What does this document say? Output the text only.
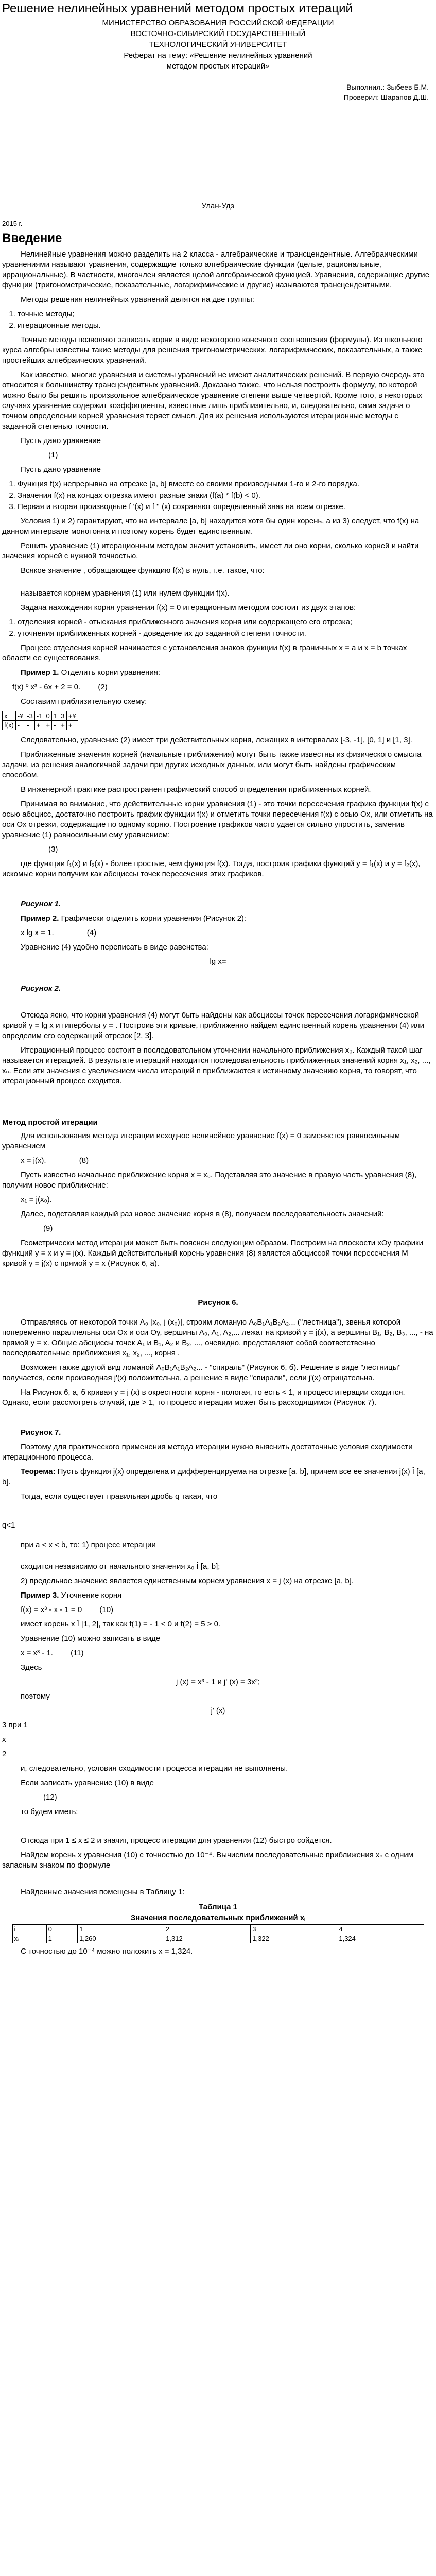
Решение нелинейных уравнений методом простых итераций

МИНИСТЕРСТВО ОБРАЗОВАНИЯ РОССИЙСКОЙ ФЕДЕРАЦИИ

ВОСТОЧНО-СИБИРСКИЙ ГОСУДАРСТВЕННЫЙ

ТЕХНОЛОГИЧЕСКИЙ УНИВЕРСИТЕТ

Реферат на тему: «Решение нелинейных уравнений

методом простых итераций»

Выполнил.: Зыбеев Б.М.

Проверил: Шарапов Д.Ш.

Улан-Удэ

2015 г.

Введение

Нелинейные уравнения можно разделить на 2 класса - алгебраические и трансцендентные. Алгебраическими уравнениями называют уравнения, содержащие только алгебраические функции (целые, рациональные, иррациональные). В частности, многочлен является целой алгебраической функцией. Уравнения, содержащие другие функции (тригонометрические, показательные, логарифмические и другие) называются трансцендентными.

Методы решения нелинейных уравнений делятся на две группы:

1. точные методы;
2. итерационные методы.

Точные методы позволяют записать корни в виде некоторого конечного соотношения (формулы). Из школьного курса алгебры известны такие методы для решения тригонометрических, логарифмических, показательных, а также простейших алгебраических уравнений.

Как известно, многие уравнения и системы уравнений не имеют аналитических решений. В первую очередь это относится к большинству трансцендентных уравнений. Доказано также, что нельзя построить формулу, по которой можно было бы решить произвольное алгебраическое уравнение степени выше четвертой. Кроме того, в некоторых случаях уравнение содержит коэффициенты, известные лишь приблизительно, и, следовательно, сама задача о точном определении корней уравнения теряет смысл. Для их решения используются итерационные методы с заданной степенью точности.

Пусть дано уравнение

(1)

Пусть дано уравнение

1. Функция f(x) непрерывна на отрезке [a, b] вместе со своими производными 1-го и 2-го порядка.
2. Значения f(x) на концах отрезка имеют разные знаки (f(a) * f(b) < 0).
3. Первая и вторая производные f '(x) и f '' (x) сохраняют определенный знак на всем отрезке.

Условия 1) и 2) гарантируют, что на интервале [a, b] находится хотя бы один корень, а из 3) следует, что f(x) на данном интервале монотонна и поэтому корень будет единственным.

Решить уравнение (1) итерационным методом значит установить, имеет ли оно корни, сколько корней и найти значения корней с нужной точностью.

Всякое значение , обращающее функцию f(x) в нуль, т.е. такое, что:

называется корнем уравнения (1) или нулем функции f(x).

Задача нахождения корня уравнения f(x) = 0 итерационным методом состоит из двух этапов:

1. отделения корней - отыскания приближенного значения корня или содержащего его отрезка;
2. уточнения приближенных корней - доведение их до заданной степени точности.

Процесс отделения корней начинается с установления знаков функции f(x) в граничных x = a и x = b точках области ее существования.

Пример 1. Отделить корни уравнения:

f(x) º x³ - 6x + 2 = 0. (2)

Составим приблизительную схему:

x	-¥	-3	-1	0	1	3	+¥
f(x)	-	-	+	+	-	+	+

Следовательно, уравнение (2) имеет три действительных корня, лежащих в интервалах [-3, -1], [0, 1] и [1, 3].

Приближенные значения корней (начальные приближения) могут быть также известны из физического смысла задачи, из решения аналогичной задачи при других исходных данных, или могут быть найдены графическим способом.

В инженерной практике распространен графический способ определения приближенных корней.

Принимая во внимание, что действительные корни уравнения (1) - это точки пересечения графика функции f(x) с осью абсцисс, достаточно построить график функции f(x) и отметить точки пересечения f(x) с осью Ох, или отметить на оси Ох отрезки, содержащие по одному корню. Построение графиков часто удается сильно упростить, заменив уравнение (1) равносильным ему уравнением:

(3)

где функции f₁(x) и f₂(x) - более простые, чем функция f(x). Тогда, построив графики функций y = f₁(x) и y = f₂(x), искомые корни получим как абсциссы точек пересечения этих графиков.

Рисунок 1.

Пример 2. Графически отделить корни уравнения (Рисунок 2):

x lg x = 1.	(4)

Уравнение (4) удобно переписать в виде равенства:

lg x=

Рисунок 2.

Отсюда ясно, что корни уравнения (4) могут быть найдены как абсциссы точек пересечения логарифмической кривой y = lg x и гиперболы y = . Построив эти кривые, приближенно найдем единственный корень уравнения (4) или определим его содержащий отрезок [2, 3].

Итерационный процесс состоит в последовательном уточнении начального приближения x₀. Каждый такой шаг называется итерацией. В результате итераций находится последовательность приближенных значений корня x₁, x₂, ..., xₙ. Если эти значения с увеличением числа итераций n приближаются к истинному значению корня, то говорят, что итерационный процесс сходится.

Метод простой итерации

Для использования метода итерации исходное нелинейное уравнение f(x) = 0 заменяется равносильным уравнением

x = j(x).	(8)

Пусть известно начальное приближение корня x = x₀. Подставляя это значение в правую часть уравнения (8), получим новое приближение:

x₁ = j(x₀).

Далее, подставляя каждый раз новое значение корня в (8), получаем последовательность значений:

(9)

Геометрически метод итерации может быть пояснен следующим образом. Построим на плоскости xOy графики функций y = x и y = j(x). Каждый действительный корень уравнения (8) является абсциссой точки пересечения M кривой y = j(x) с прямой y = x (Рисунок 6, а).

Рисунок 6.

Отправляясь от некоторой точки A₀ [x₀, j (x₀)], строим ломаную A₀B₁A₁B₂A₂... ("лестница"), звенья которой попеременно параллельны оси Ox и оси Oy, вершины A₀, A₁, A₂,... лежат на кривой y = j(x), а вершины B₁, B₂, B₃, ..., - на прямой y = x. Общие абсциссы точек A₁ и B₁, A₂ и B₂, ..., очевидно, представляют собой соответственно последовательные приближения x₁, x₂, ..., корня .

Возможен также другой вид ломаной A₀B₁A₁B₂A₂... - "спираль" (Рисунок 6, б). Решение в виде "лестницы" получается, если производная j'(x) положительна, а решение в виде "спирали", если j'(x) отрицательна.

На Рисунок 6, а, б кривая y = j (x) в окрестности корня - пологая, то есть < 1, и процесс итерации сходится. Однако, если рассмотреть случай, где > 1, то процесс итерации может быть расходящимся (Рисунок 7).

Рисунок 7.

Поэтому для практического применения метода итерации нужно выяснить достаточные условия сходимости итерационного процесса.

Теорема: Пусть функция j(x) определена и дифференцируема на отрезке [a, b], причем все ее значения j(x) Î [a, b].

Тогда, если существует правильная дробь q такая, что

q<1

при a < x < b, то: 1) процесс итерации

сходится независимо от начального значения x₀ Î [a, b];

2) предельное значение является единственным корнем уравнения x = j (x) на отрезке [a, b].

Пример 3. Уточнение корня

f(x) = x³ - x - 1 = 0 (10)

имеет корень x Î [1, 2], так как f(1) = - 1 < 0 и f(2) = 5 > 0.

Уравнение (10) можно записать в виде

x = x³ - 1. (11)

Здесь

j (x) = x³ - 1 и j' (x) = 3x²;

поэтому

j' (x)

3 при 1

x

2

и, следовательно, условия сходимости процесса итерации не выполнены.

Если записать уравнение (10) в виде

(12)

то будем иметь:

Отсюда при 1 ≤ x ≤ 2 и значит, процесс итерации для уравнения (12) быстро сойдется.

Найдем корень x уравнения (10) с точностью до 10⁻⁴. Вычислим последовательные приближения xₙ с одним запасным знаком по формуле

Найденные значения помещены в Таблицу 1:

Таблица 1

Значения последовательных приближений xᵢ

i	0	1	2	3	4
xᵢ	1	1,260	1,312	1,322	1,324

С точностью до 10⁻⁴ можно положить x = 1,324.
